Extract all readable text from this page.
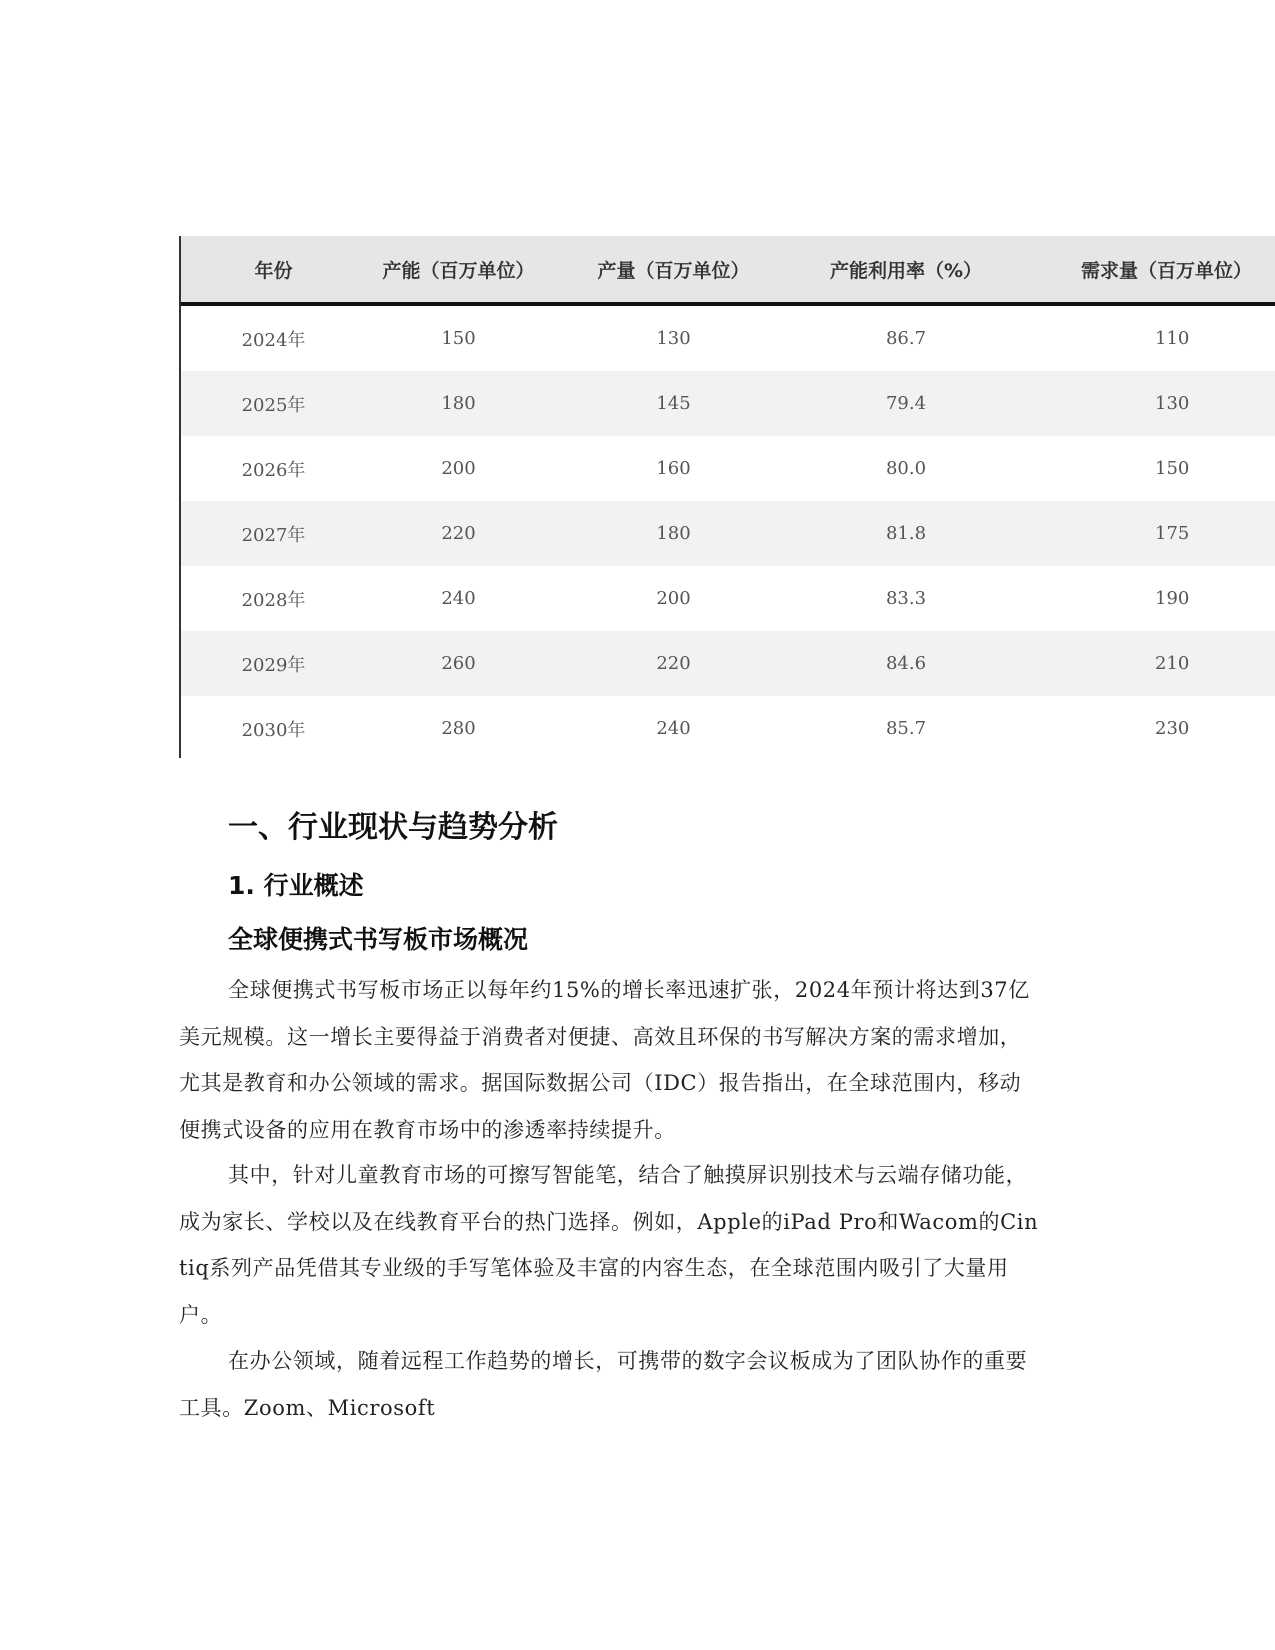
年份	产能（百万单位）	产量（百万单位）	产能利用率（%）	需求量（百万单位）
2024年	150	130	86.7	110
2025年	180	145	79.4	130
2026年	200	160	80.0	150
2027年	220	180	81.8	175
2028年	240	200	83.3	190
2029年	260	220	84.6	210
2030年	280	240	85.7	230
一、行业现状与趋势分析
1. 行业概述
全球便携式书写板市场概况

全球便携式书写板市场正以每年约15%的增长率迅速扩张，2024年预计将达到37亿美元规模。这一增长主要得益于消费者对便捷、高效且环保的书写解决方案的需求增加，尤其是教育和办公领域的需求。据国际数据公司（IDC）报告指出，在全球范围内，移动便携式设备的应用在教育市场中的渗透率持续提升。

其中，针对儿童教育市场的可擦写智能笔，结合了触摸屏识别技术与云端存储功能，成为家长、学校以及在线教育平台的热门选择。例如，Apple的iPad Pro和Wacom的Cintiq系列产品凭借其专业级的手写笔体验及丰富的内容生态，在全球范围内吸引了大量用户。

在办公领域，随着远程工作趋势的增长，可携带的数字会议板成为了团队协作的重要工具。Zoom、Microsoft
